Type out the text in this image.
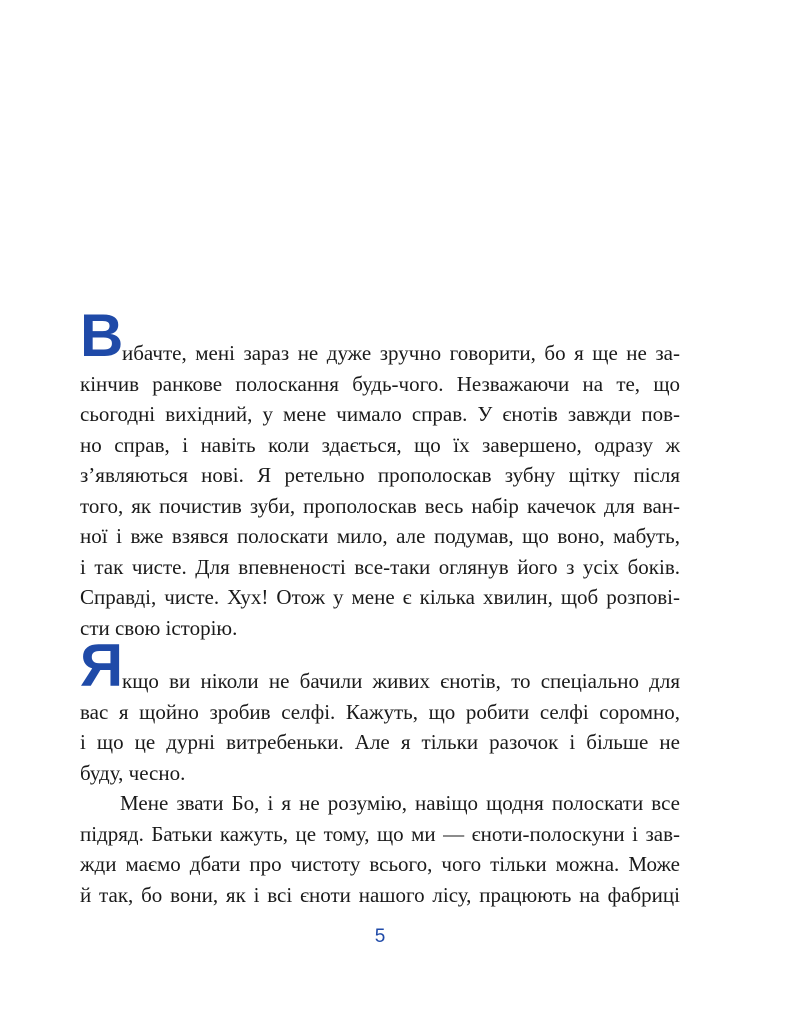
В ибачте, мені зараз не дуже зручно говорити, бо я ще не за-
кінчив ранкове полоскання будь-чого. Незважаючи на те, що
сьогодні вихідний, у мене чимало справ. У єнотів завжди пов-
но справ, і навіть коли здається, що їх завершено, одразу ж
з’являються нові. Я ретельно прополоскав зубну щітку після
того, як почистив зуби, прополоскав весь набір качечок для ван-
ної і вже взявся полоскати мило, але подумав, що воно, мабуть,
і так чисте. Для впевненості все-таки оглянув його з усіх боків.
Справді, чисте. Хух! Отож у мене є кілька хвилин, щоб розпові-
сти свою історію.
Я кщо ви ніколи не бачили живих єнотів, то спеціально для
вас я щойно зробив селфі. Кажуть, що робити селфі соромно,
і що це дурні витребеньки. Але я тільки разочок і більше не
буду, чесно.
Мене звати Бо, і я не розумію, навіщо щодня полоскати все
підряд. Батьки кажуть, це тому, що ми — єноти-полоскуни і зав-
жди маємо дбати про чистоту всього, чого тільки можна. Може
й так, бо вони, як і всі єноти нашого лісу, працюють на фабриці
5
